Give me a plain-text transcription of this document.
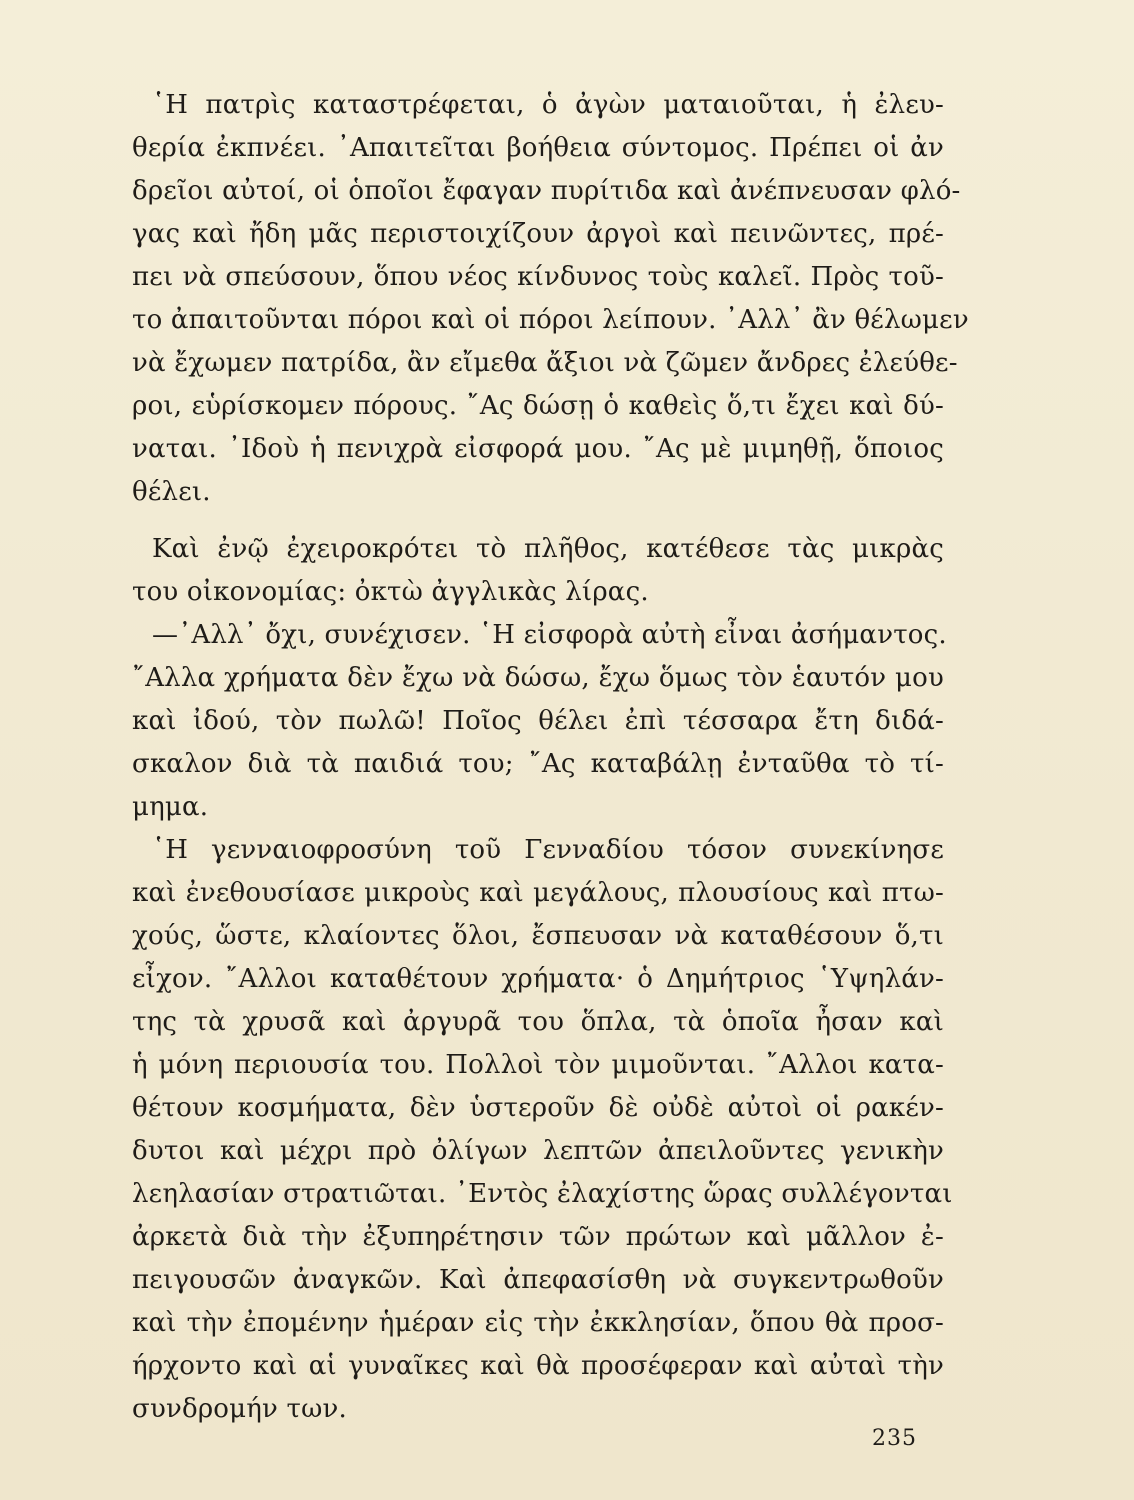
῾Η πατρὶς καταστρέφεται, ὁ ἀγὼν ματαιοῦται, ἡ ἐλευ-
θερία ἐκπνέει. ᾿Απαιτεῖται βοήθεια σύντομος. Πρέπει οἱ ἀν
δρεῖοι αὐτοί, οἱ ὁποῖοι ἔφαγαν πυρίτιδα καὶ ἀνέπνευσαν φλό-
γας καὶ ἤδη μᾶς περιστοιχίζουν ἀργοὶ καὶ πεινῶντες, πρέ-
πει νὰ σπεύσουν, ὅπου νέος κίνδυνος τοὺς καλεῖ. Πρὸς τοῦ-
το ἀπαιτοῦνται πόροι καὶ οἱ πόροι λείπουν. ᾿Αλλ᾿ ἂν θέλωμεν
νὰ ἔχωμεν πατρίδα, ἂν εἴμεθα ἄξιοι νὰ ζῶμεν ἄνδρες ἐλεύθε-
ροι, εὑρίσκομεν πόρους. ῎Ας δώσῃ ὁ καθεὶς ὅ,τι ἔχει καὶ δύ-
ναται. ᾿Ιδοὺ ἡ πενιχρὰ εἰσφορά μου. ῎Ας μὲ μιμηθῇ, ὅποιος
θέλει.
Καὶ ἐνῷ ἐχειροκρότει τὸ πλῆθος, κατέθεσε τὰς μικρὰς
του οἰκονομίας: ὀκτὼ ἀγγλικὰς λίρας.
—᾿Αλλ᾿ ὄχι, συνέχισεν. ῾Η εἰσφορὰ αὐτὴ εἶναι ἀσήμαντος.
῎Αλλα χρήματα δὲν ἔχω νὰ δώσω, ἔχω ὅμως τὸν ἑαυτόν μου
καὶ ἰδού, τὸν πωλῶ! Ποῖος θέλει ἐπὶ τέσσαρα ἔτη διδά-
σκαλον διὰ τὰ παιδιά του; ῎Ας καταβάλῃ ἐνταῦθα τὸ τί-
μημα.
῾Η γενναιοφροσύνη τοῦ Γενναδίου τόσον συνεκίνησε
καὶ ἐνεθουσίασε μικροὺς καὶ μεγάλους, πλουσίους καὶ πτω-
χούς, ὥστε, κλαίοντες ὅλοι, ἔσπευσαν νὰ καταθέσουν ὅ,τι
εἶχον. ῎Αλλοι καταθέτουν χρήματα· ὁ Δημήτριος ῾Υψηλάν-
της τὰ χρυσᾶ καὶ ἀργυρᾶ του ὅπλα, τὰ ὁποῖα ἦσαν καὶ
ἡ μόνη περιουσία του. Πολλοὶ τὸν μιμοῦνται. ῎Αλλοι κατα-
θέτουν κοσμήματα, δὲν ὑστεροῦν δὲ οὐδὲ αὐτοὶ οἱ ρακέν-
δυτοι καὶ μέχρι πρὸ ὀλίγων λεπτῶν ἀπειλοῦντες γενικὴν
λεηλασίαν στρατιῶται. ᾿Εντὸς ἐλαχίστης ὥρας συλλέγονται
ἀρκετὰ διὰ τὴν ἐξυπηρέτησιν τῶν πρώτων καὶ μᾶλλον ἐ-
πειγουσῶν ἀναγκῶν. Καὶ ἀπεφασίσθη νὰ συγκεντρωθοῦν
καὶ τὴν ἐπομένην ἡμέραν εἰς τὴν ἐκκλησίαν, ὅπου θὰ προσ-
ήρχοντο καὶ αἱ γυναῖκες καὶ θὰ προσέφεραν καὶ αὐταὶ τὴν
συνδρομήν των.
235
